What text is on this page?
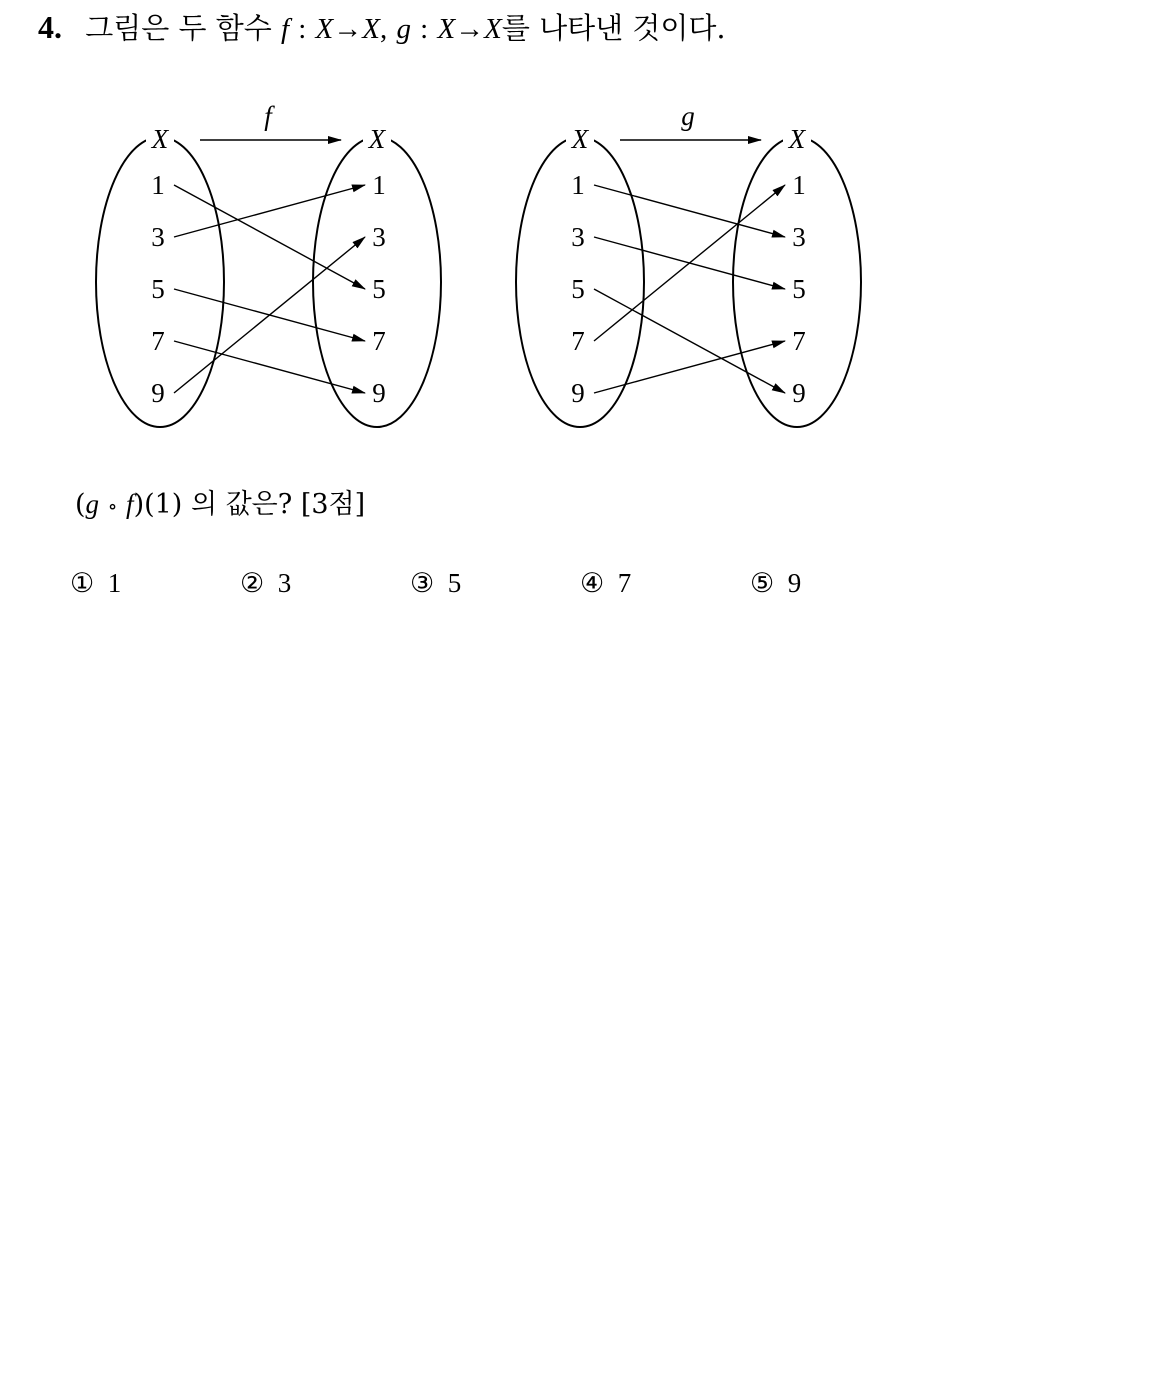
4. 그림은 두 함수 f : X→X, g : X→X를 나타낸 것이다.
X	X
f
1
3
5
7
9
1
3
5
7
9
X	X
g
1
3
5
7
9
1
3
5
7
9
(g ∘ f)(1) 의 값은? [3점]
① 1	② 3	③ 5	④ 7	⑤ 9
